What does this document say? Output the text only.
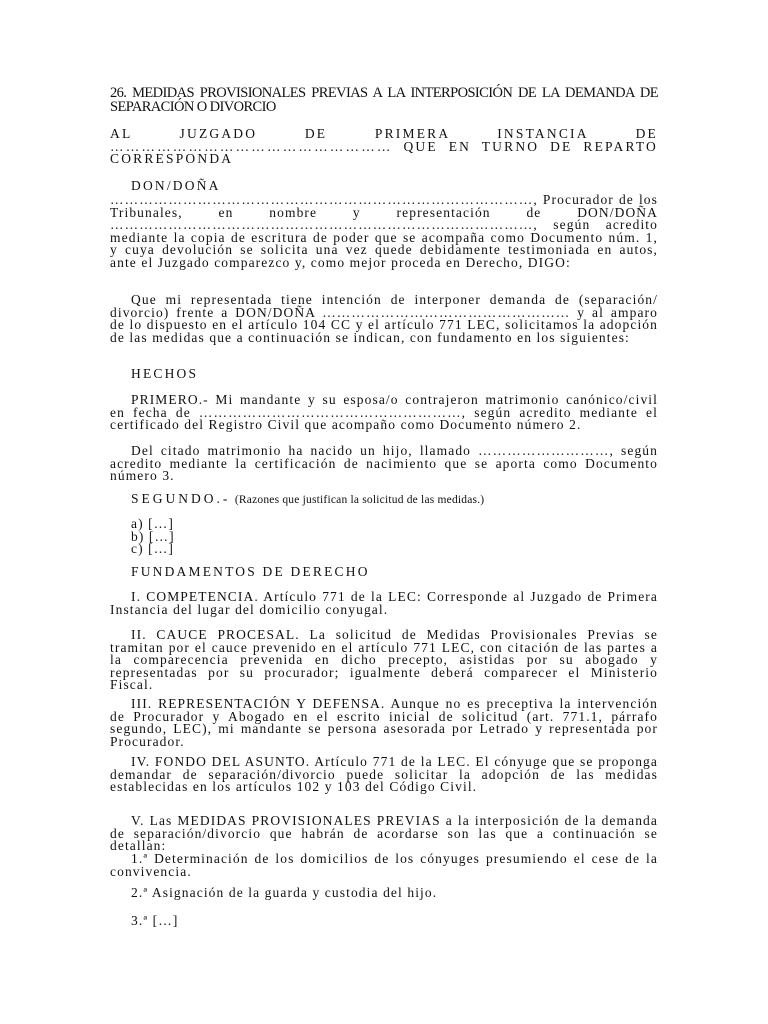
26. MEDIDAS PROVISIONALES PREVIAS A LA INTERPOSICIÓN DE LA DEMANDA DE SEPARACIÓN O DIVORCIO

AL JUZGADO DE PRIMERA INSTANCIA DE ……………………………………………… QUE EN TURNO DE REPARTO CORRESPONDA

DON/DOÑA

……………………………………………………………………………, Procurador de los Tribunales, en nombre y representación de DON/DOÑA ……………………………………………………………………………, según acredito mediante la copia de escritura de poder que se acompaña como Documento núm. 1, y cuya devolución se solicita una vez quede debidamente testimoniada en autos, ante el Juzgado comparezco y, como mejor proceda en Derecho, DIGO:

Que mi representada tiene intención de interponer demanda de (separación/ divorcio) frente a DON/DOÑA …………………………………………… y al amparo de lo dispuesto en el artículo 104 CC y el artículo 771 LEC, solicitamos la adopción de las medidas que a continuación se indican, con fundamento en los siguientes:

HECHOS

PRIMERO.- Mi mandante y su esposa/o contrajeron matrimonio canónico/civil en fecha de ………………………………………………, según acredito mediante el certificado del Registro Civil que acompaño como Documento número 2.

Del citado matrimonio ha nacido un hijo, llamado ………………………, según acredito mediante la certificación de nacimiento que se aporta como Documento número 3.

SEGUNDO.- (Razones que justifican la solicitud de las medidas.)

a) […]
b) […]
c) […]

FUNDAMENTOS DE DERECHO

I. COMPETENCIA. Artículo 771 de la LEC: Corresponde al Juzgado de Primera Instancia del lugar del domicilio conyugal.

II. CAUCE PROCESAL. La solicitud de Medidas Provisionales Previas se tramitan por el cauce prevenido en el artículo 771 LEC, con citación de las partes a la comparecencia prevenida en dicho precepto, asistidas por su abogado y representadas por su procurador; igualmente deberá comparecer el Ministerio Fiscal.

III. REPRESENTACIÓN Y DEFENSA. Aunque no es preceptiva la intervención de Procurador y Abogado en el escrito inicial de solicitud (art. 771.1, párrafo segundo, LEC), mi mandante se persona asesorada por Letrado y representada por Procurador.

IV. FONDO DEL ASUNTO. Artículo 771 de la LEC. El cónyuge que se proponga demandar de separación/divorcio puede solicitar la adopción de las medidas establecidas en los artículos 102 y 103 del Código Civil.

V. Las MEDIDAS PROVISIONALES PREVIAS a la interposición de la demanda de separación/divorcio que habrán de acordarse son las que a continuación se detallan:

1.ª Determinación de los domicilios de los cónyuges presumiendo el cese de la convivencia.

2.ª Asignación de la guarda y custodia del hijo.

3.ª […]
